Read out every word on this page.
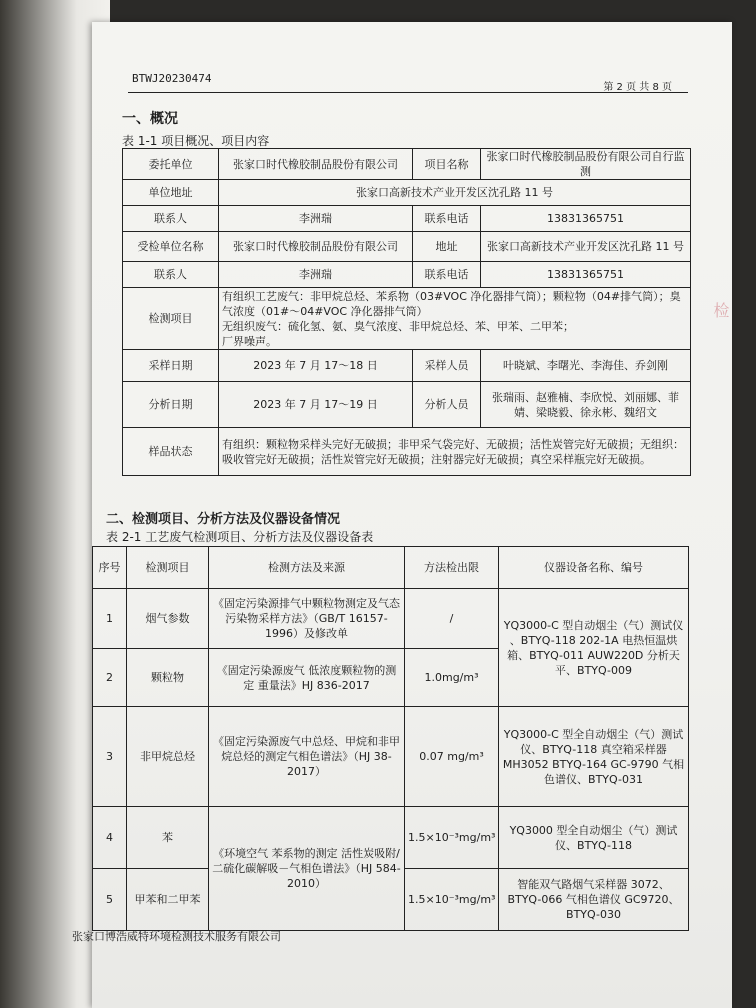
检
BTWJ20230474
第 2 页 共 8 页
一、概况
表 1-1 项目概况、项目内容
委托单位	张家口时代橡胶制品股份有限公司	项目名称	张家口时代橡胶制品股份有限公司自行监测
单位地址	张家口高新技术产业开发区沈孔路 11 号		
联系人	李洲瑞	联系电话	13831365751
受检单位名称	张家口时代橡胶制品股份有限公司	地址	张家口高新技术产业开发区沈孔路 11 号
联系人	李洲瑞	联系电话	13831365751
检测项目	有组织工艺废气：非甲烷总烃、苯系物（03#VOC 净化器排气筒）；颗粒物（04#排气筒）；臭气浓度（01#～04#VOC 净化器排气筒）
无组织废气：硫化氢、氨、臭气浓度、非甲烷总烃、苯、甲苯、二甲苯；
厂界噪声。		

采样日期	2023 年 7 月 17～18 日	采样人员	叶晓斌、李曙光、李海佳、乔剑刚
分析日期	2023 年 7 月 17～19 日	分析人员	张瑞雨、赵雅楠、李欣悦、刘丽娜、菲 婧、梁晓毅、徐永彬、魏绍文
样品状态	有组织：颗粒物采样头完好无破损；非甲采气袋完好、无破损；活性炭管完好无破损；无组织：吸收管完好无破损；活性炭管完好无破损；注射器完好无破损；真空采样瓶完好无破损。		
二、检测项目、分析方法及仪器设备情况
表 2-1 工艺废气检测项目、分析方法及仪器设备表
序号	检测项目	检测方法及来源	方法检出限	仪器设备名称、编号
1	烟气参数	《固定污染源排气中颗粒物测定及气态污染物采样方法》（GB/T 16157-1996）及修改单	/	YQ3000-C 型自动烟尘（气）测试仪 、BTYQ-118 202-1A 电热恒温烘箱、BTYQ-011 AUW220D 分析天平、BTYQ-009
2	颗粒物	《固定污染源废气 低浓度颗粒物的测定 重量法》HJ 836-2017	1.0mg/m³	
3	非甲烷总烃	《固定污染源废气中总烃、甲烷和非甲烷总烃的测定气相色谱法》（HJ 38-2017）	0.07 mg/m³	YQ3000-C 型全自动烟尘（气）测试仪、BTYQ-118 真空箱采样器 MH3052 BTYQ-164 GC-9790 气相色谱仪、BTYQ-031
4	苯	《环境空气 苯系物的测定 活性炭吸附/二硫化碳解吸－气相色谱法》（HJ 584-2010）	1.5×10⁻³mg/m³	YQ3000 型全自动烟尘（气）测试仪、BTYQ-118
5	甲苯和二甲苯		1.5×10⁻³mg/m³	智能双气路烟气采样器 3072、BTYQ-066 气相色谱仪 GC9720、BTYQ-030
张家口博浩威特环境检测技术服务有限公司
